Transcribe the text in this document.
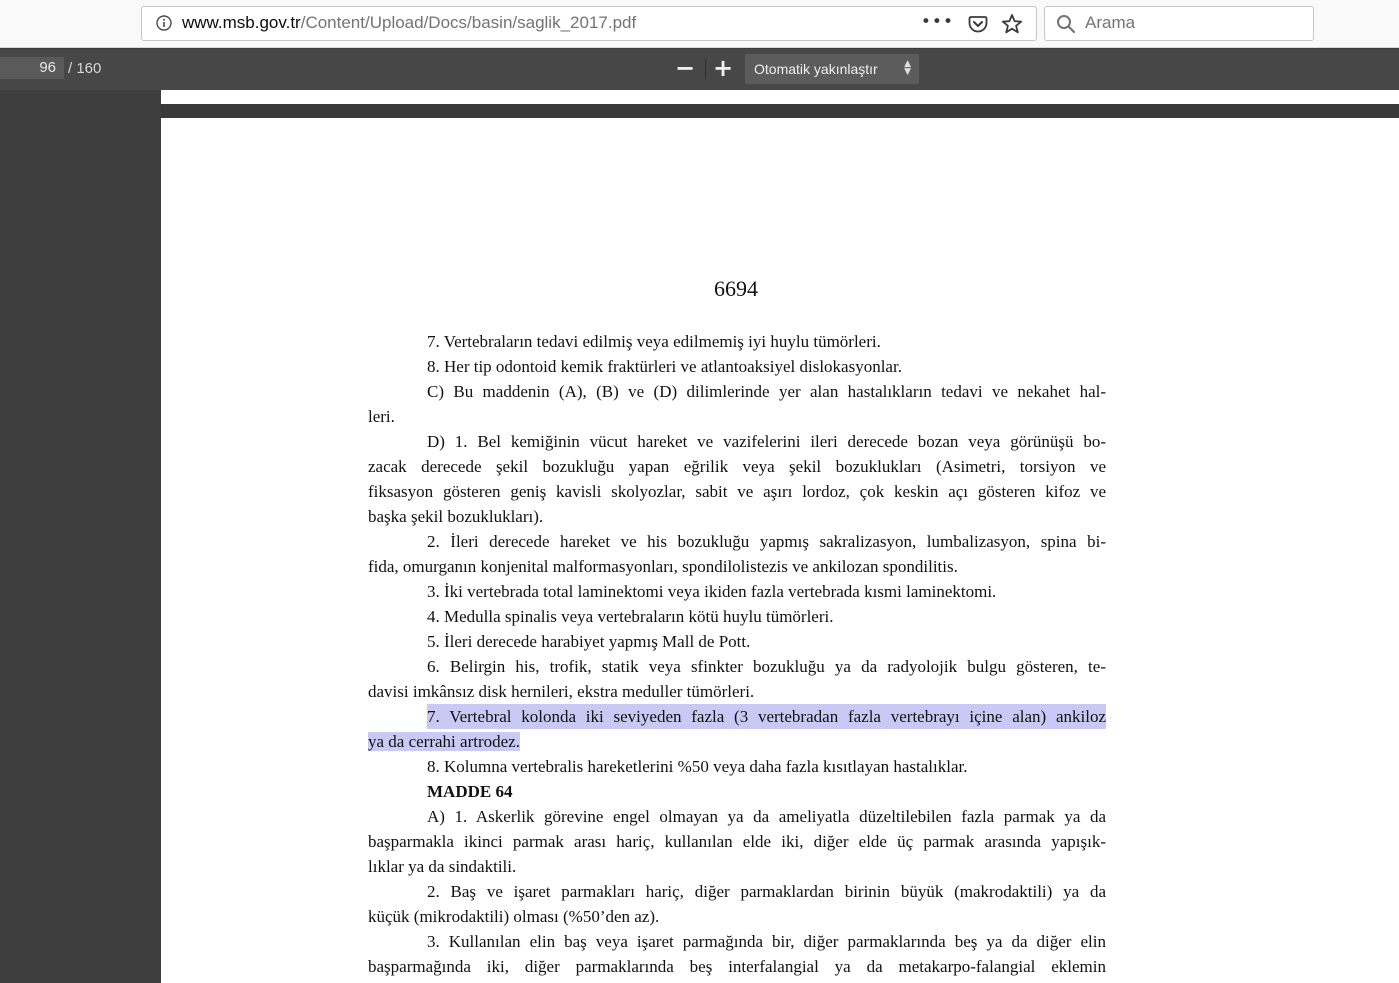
www.msb.gov.tr/Content/Upload/Docs/basin/saglik_2017.pdf	•••
Arama
96 / 160	− + Otomatik yakınlaştır	▲
▼
6694
7. Vertebraların tedavi edilmiş veya edilmemiş iyi huylu tümörleri.
8. Her tip odontoid kemik fraktürleri ve atlantoaksiyel dislokasyonlar.
C) Bu maddenin (A), (B) ve (D) dilimlerinde yer alan hastalıkların tedavi ve nekahet hal-
leri.
D) 1. Bel kemiğinin vücut hareket ve vazifelerini ileri derecede bozan veya görünüşü bo-
zacak derecede şekil bozukluğu yapan eğrilik veya şekil bozuklukları (Asimetri, torsiyon ve
fiksasyon gösteren geniş kavisli skolyozlar, sabit ve aşırı lordoz, çok keskin açı gösteren kifoz ve
başka şekil bozuklukları).
2. İleri derecede hareket ve his bozukluğu yapmış sakralizasyon, lumbalizasyon, spina bi-
fida, omurganın konjenital malformasyonları, spondilolistezis ve ankilozan spondilitis.
3. İki vertebrada total laminektomi veya ikiden fazla vertebrada kısmi laminektomi.
4. Medulla spinalis veya vertebraların kötü huylu tümörleri.
5. İleri derecede harabiyet yapmış Mall de Pott.
6. Belirgin his, trofik, statik veya sfinkter bozukluğu ya da radyolojik bulgu gösteren, te-
davisi imkânsız disk hernileri, ekstra meduller tümörleri.
7. Vertebral kolonda iki seviyeden fazla (3 vertebradan fazla vertebrayı içine alan) ankiloz
ya da cerrahi artrodez.
8. Kolumna vertebralis hareketlerini %50 veya daha fazla kısıtlayan hastalıklar.
MADDE 64
A) 1. Askerlik görevine engel olmayan ya da ameliyatla düzeltilebilen fazla parmak ya da
başparmakla ikinci parmak arası hariç, kullanılan elde iki, diğer elde üç parmak arasında yapışık-
lıklar ya da sindaktili.
2. Baş ve işaret parmakları hariç, diğer parmaklardan birinin büyük (makrodaktili) ya da
küçük (mikrodaktili) olması (%50’den az).
3. Kullanılan elin baş veya işaret parmağında bir, diğer parmaklarında beş ya da diğer elin
başparmağında iki, diğer parmaklarında beş interfalangial ya da metakarpo-falangial eklemin
